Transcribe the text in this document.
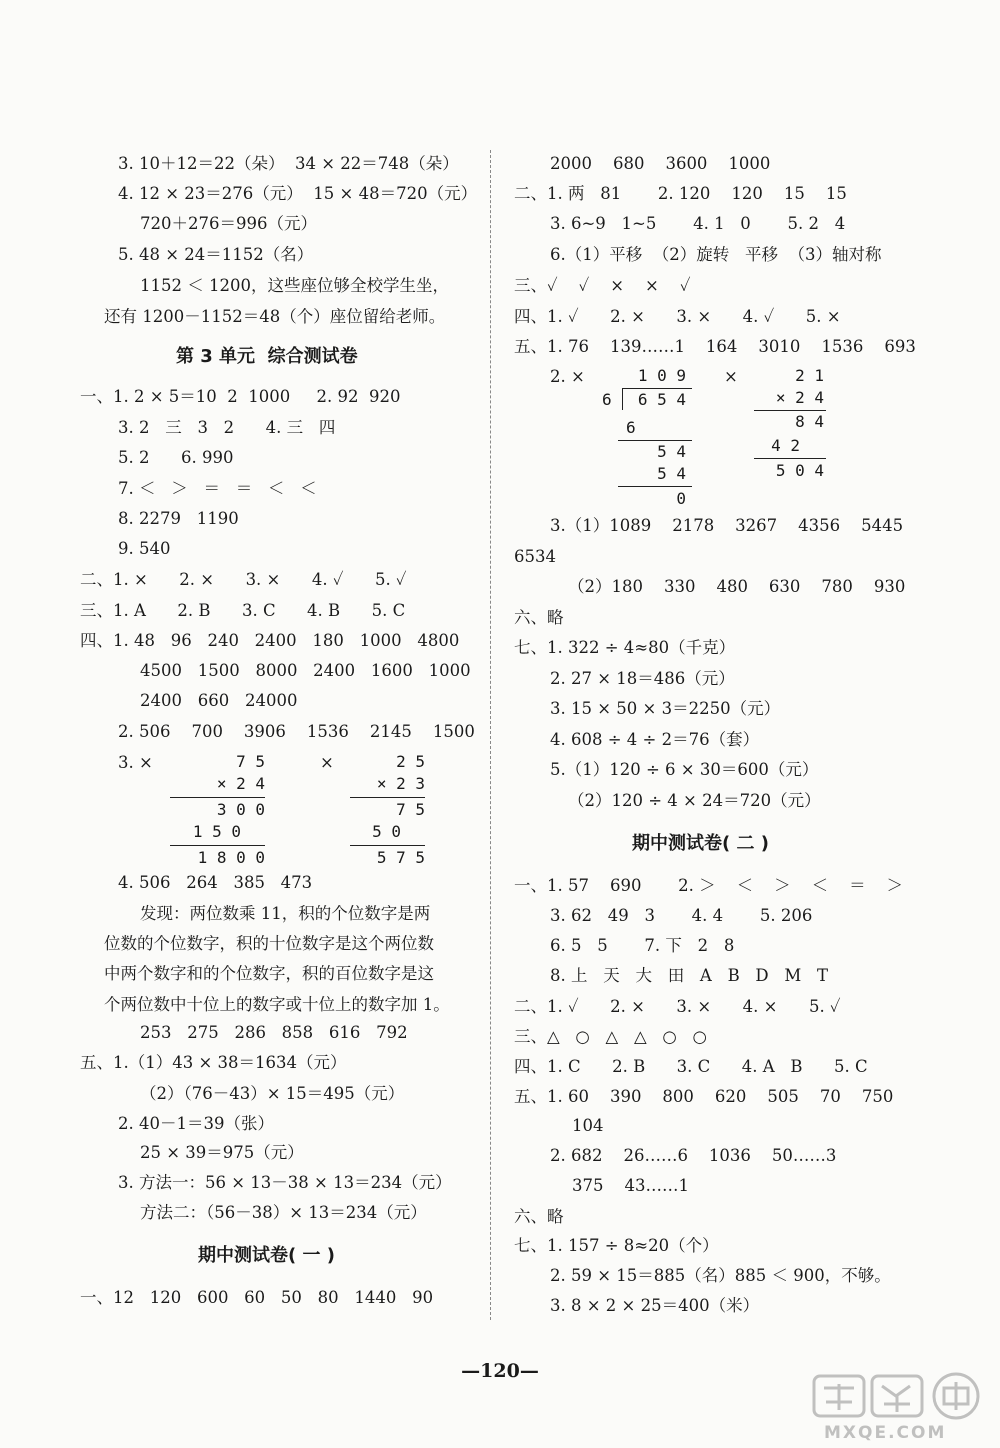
3. 10＋12＝22（朵）  34 × 22＝748（朵）
4. 12 × 23＝276（元）  15 × 48＝720（元）
720＋276＝996（元）
5. 48 × 24＝1152（名）
1152 ＜ 1200，这些座位够全校学生坐，
还有 1200－1152＝48（个）座位留给老师。
第 3 单元  综合测试卷
一、1. 2 × 5＝10  2  1000     2. 92  920
3. 2   三   3   2      4. 三   四
5. 2      6. 990
7. ＜   ＞   ＝   ＝   ＜   ＜
8. 2279   1190
9. 540
二、1. ×      2. ×      3. ×      4. ✓      5. ✓
三、1. A      2. B      3. C      4. B      5. C
四、1. 48   96   240   2400   180   1000   4800
4500   1500   8000   2400   1600   1000
2400   660   24000
2. 506    700    3906    1536    2145    1500
3. ×	×
7 5
× 2 4
3 0 0
1 5 0
1 8 0 0
2 5
× 2 3
7 5
5 0
5 7 5
4. 506   264   385   473
发现：两位数乘 11，积的个位数字是两
位数的个位数字，积的十位数字是这个两位数
中两个数字和的个位数字，积的百位数字是这
个两位数中十位上的数字或十位上的数字加 1。
253   275   286   858   616   792
五、1.（1）43 × 38＝1634（元）
（2）（76－43）× 15＝495（元）
2. 40－1＝39（张）
25 × 39＝975（元）
3. 方法一：56 × 13－38 × 13＝234（元）
方法二：（56－38）× 13＝234（元）
期中测试卷( 一 )
一、12   120   600   60   50   80   1440   90
2000    680    3600    1000
二、1. 两   81       2. 120    120    15    15
3. 6~9   1~5       4. 1   0       5. 2   4
6.（1）平移  （2）旋转   平移  （3）轴对称
三、✓    ✓    ×    ×    ✓
四、1. ✓      2. ×      3. ×      4. ✓      5. ×
五、1. 76    139……1    164    3010    1536    693
2. ×	×
1 0 9
6 6 5 4
6
5 4
5 4
0
2 1
× 2 4
8 4
4 2
5 0 4
3.（1）1089    2178    3267    4356    5445
6534
（2）180    330    480    630    780    930
六、略
七、1. 322 ÷ 4≈80（千克）
2. 27 × 18＝486（元）
3. 15 × 50 × 3＝2250（元）
4. 608 ÷ 4 ÷ 2＝76（套）
5.（1）120 ÷ 6 × 30＝600（元）
（2）120 ÷ 4 × 24＝720（元）
期中测试卷( 二 )
一、1. 57    690       2. ＞    ＜    ＞    ＜    ＝    ＞
3. 62   49   3       4. 4       5. 206
6. 5   5       7. 下   2   8
8. 上   天   大   田   A   B   D   M   T
二、1. ✓      2. ×      3. ×      4. ×      5. ✓
三、△   ○   △   △   ○   ○
四、1. C      2. B      3. C      4. A   B      5. C
五、1. 60    390    800    620    505    70    750
104
2. 682    26……6    1036    50……3
375    43……1
六、略
七、1. 157 ÷ 8≈20（个）
2. 59 × 15＝885（名）885 ＜ 900，不够。
3. 8 × 2 × 25＝400（米）
—120—
MXQE.COM
